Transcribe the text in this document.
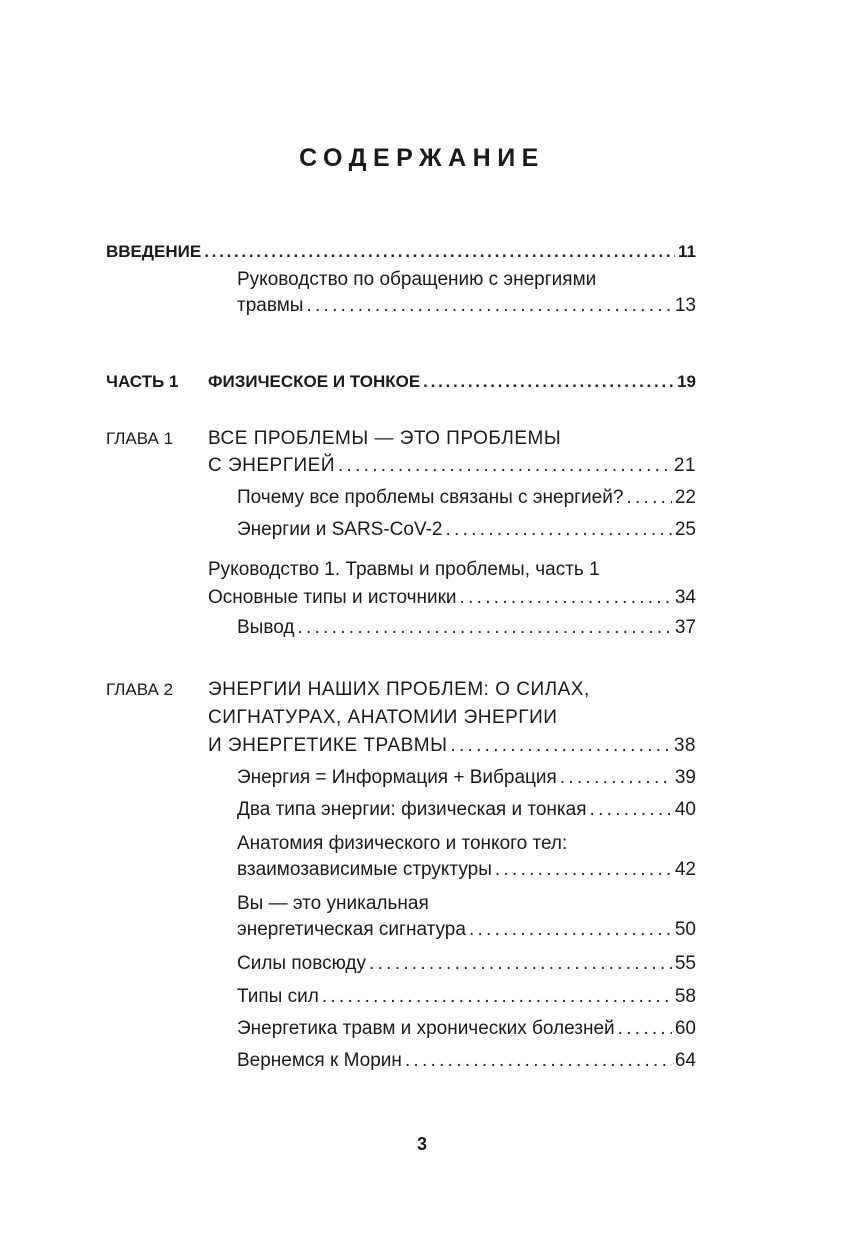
СОДЕРЖАНИЕ
ВВЕДЕНИЕ . . .	11
Руководство по обращению с энергиями
травмы . . .	13
ЧАСТЬ 1 ФИЗИЧЕСКОЕ И ТОНКОЕ . . .	19
ГЛАВА 1 ВСЕ ПРОБЛЕМЫ — ЭТО ПРОБЛЕМЫ
С ЭНЕРГИЕЙ . . .	21
Почему все проблемы связаны с энергией? . . .	22
Энергии и SARS-CoV-2 . . .	25
Руководство 1. Травмы и проблемы, часть 1
Основные типы и источники . . .	34
Вывод . . .	37
ГЛАВА 2 ЭНЕРГИИ НАШИХ ПРОБЛЕМ: О СИЛАХ,
СИГНАТУРАХ, АНАТОМИИ ЭНЕРГИИ
И ЭНЕРГЕТИКЕ ТРАВМЫ . . .	38
Энергия = Информация + Вибрация . . .	39
Два типа энергии: физическая и тонкая . . .	40
Анатомия физического и тонкого тел:
взаимозависимые структуры . . .	42
Вы — это уникальная
энергетическая сигнатура . . .	50
Силы повсюду . . .	55
Типы сил . . .	58
Энергетика травм и хронических болезней . . .	60
Вернемся к Морин . . .	64
3
